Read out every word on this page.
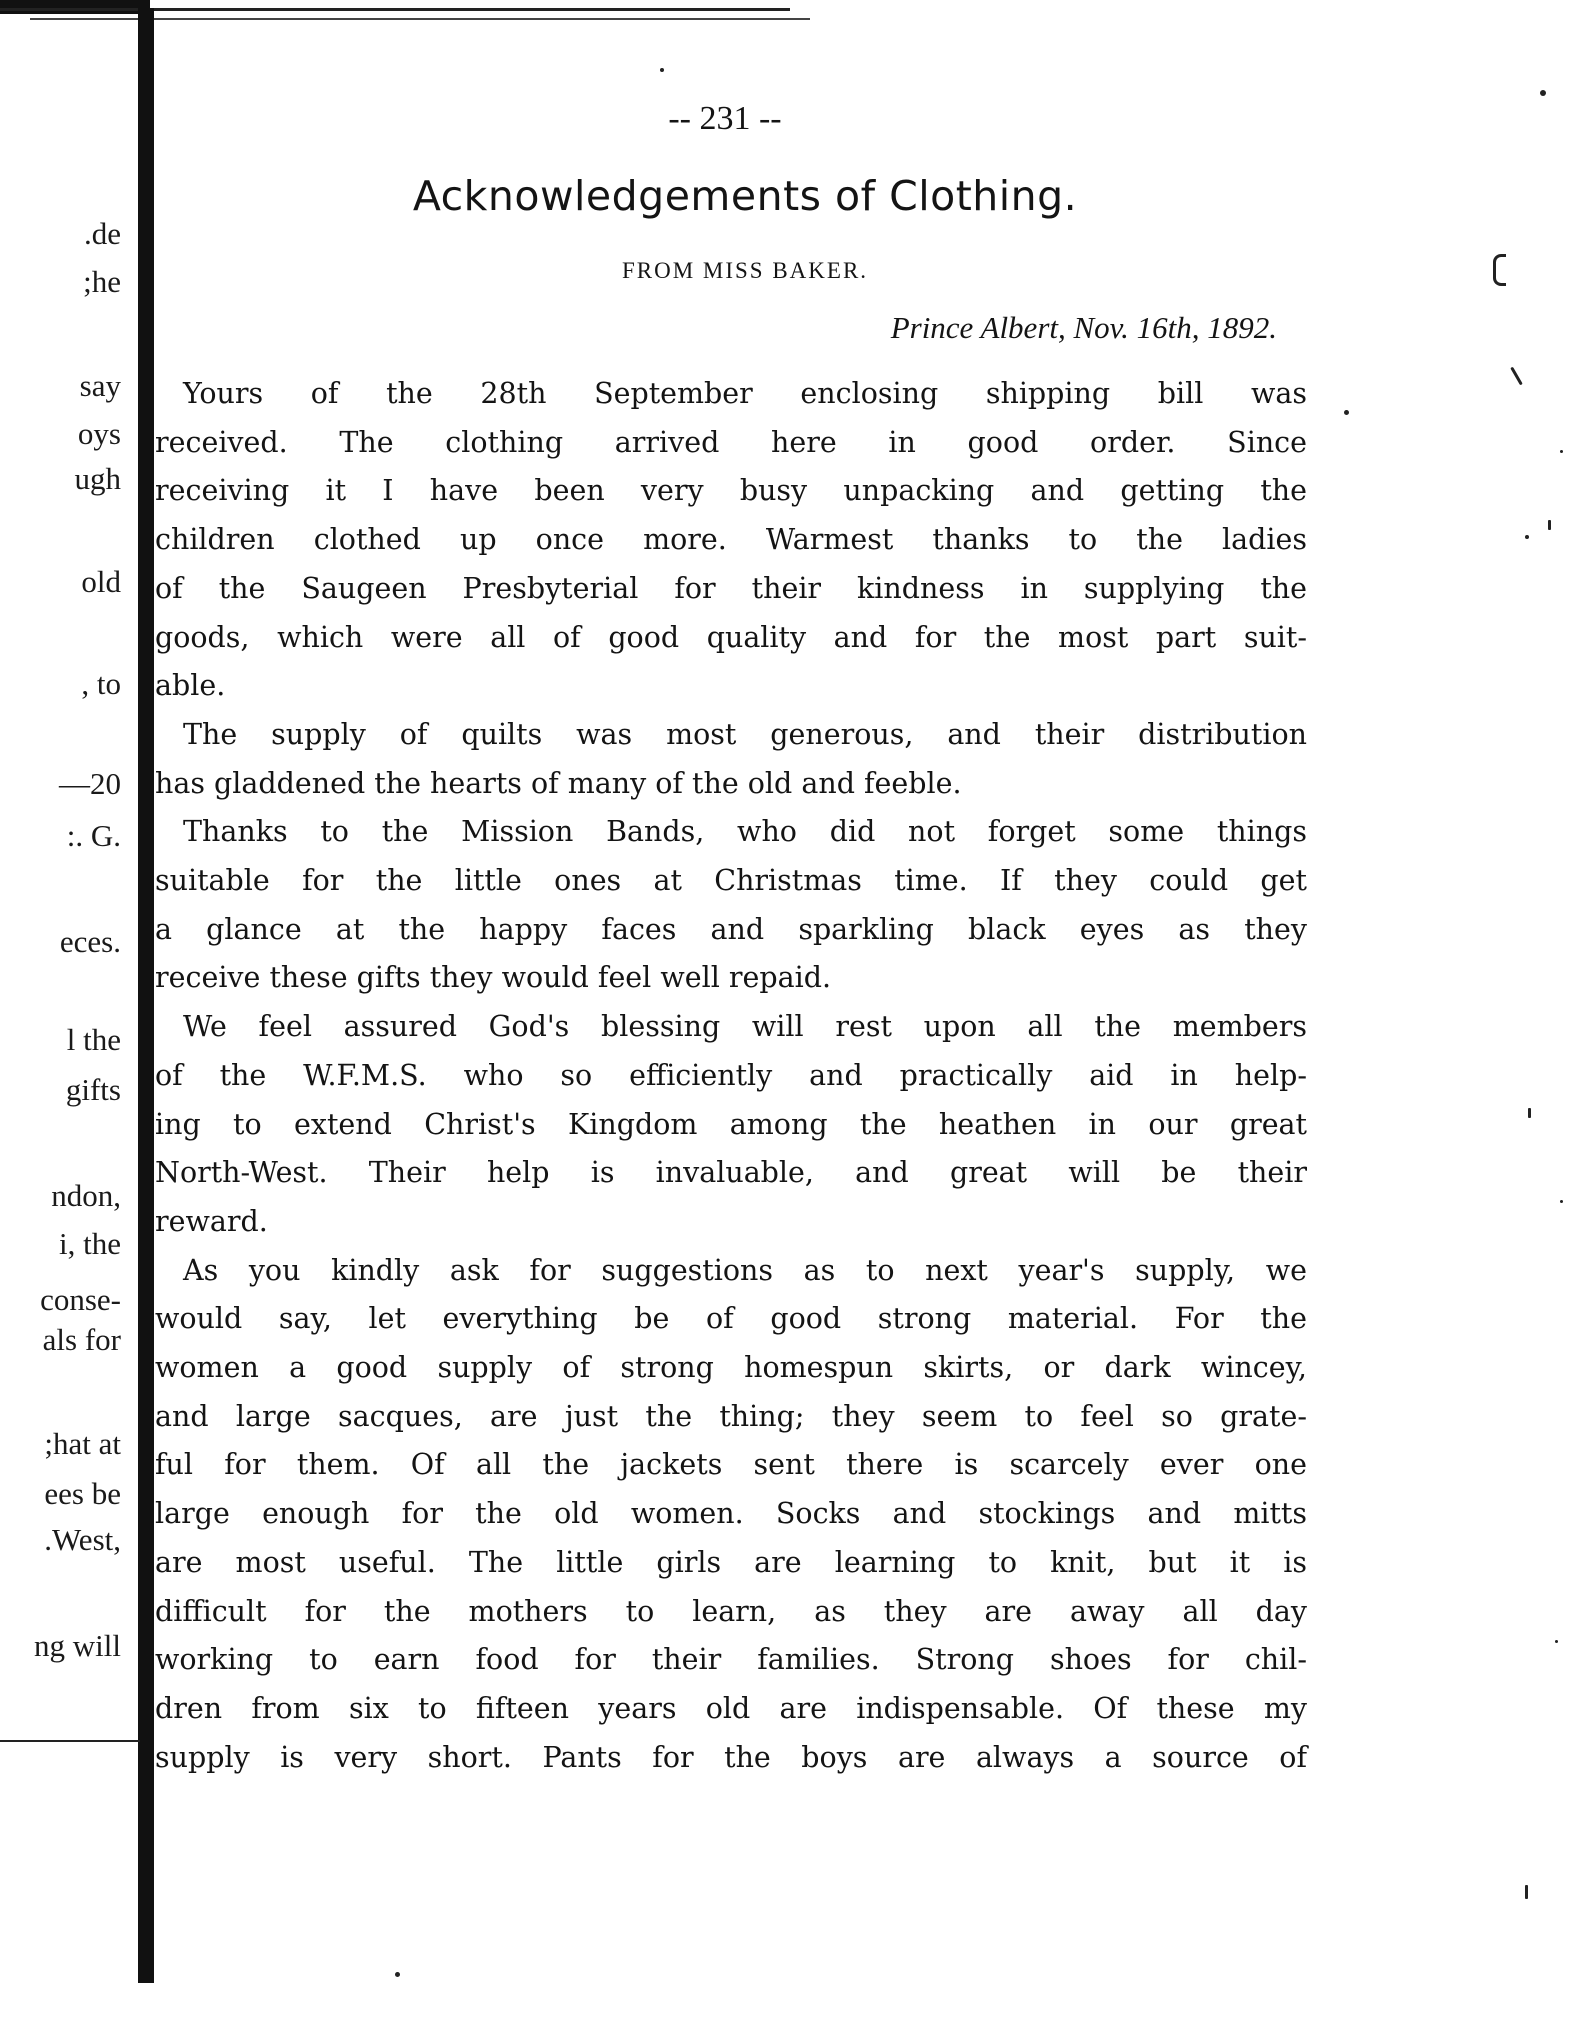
.de
;he
say
oys
ugh
old
, to
—20
:. G.
eces.
l the
gifts
ndon,
i, the
conse-
als for
;hat at
ees be
.West,
ng will
-- 231 --
Acknowledgements of Clothing.
FROM MISS BAKER.
Prince Albert, Nov. 16th, 1892.
Yours of the 28th September enclosing shipping bill was
received. The clothing arrived here in good order. Since
receiving it I have been very busy unpacking and getting the
children clothed up once more. Warmest thanks to the ladies
of the Saugeen Presbyterial for their kindness in supplying the
goods, which were all of good quality and for the most part suit-
able.
The supply of quilts was most generous, and their distribution
has gladdened the hearts of many of the old and feeble.
Thanks to the Mission Bands, who did not forget some things
suitable for the little ones at Christmas time. If they could get
a glance at the happy faces and sparkling black eyes as they
receive these gifts they would feel well repaid.
We feel assured God's blessing will rest upon all the members
of the W.F.M.S. who so efficiently and practically aid in help-
ing to extend Christ's Kingdom among the heathen in our great
North-West. Their help is invaluable, and great will be their
reward.
As you kindly ask for suggestions as to next year's supply, we
would say, let everything be of good strong material. For the
women a good supply of strong homespun skirts, or dark wincey,
and large sacques, are just the thing; they seem to feel so grate-
ful for them. Of all the jackets sent there is scarcely ever one
large enough for the old women. Socks and stockings and mitts
are most useful. The little girls are learning to knit, but it is
difficult for the mothers to learn, as they are away all day
working to earn food for their families. Strong shoes for chil-
dren from six to fifteen years old are indispensable. Of these my
supply is very short. Pants for the boys are always a source of
